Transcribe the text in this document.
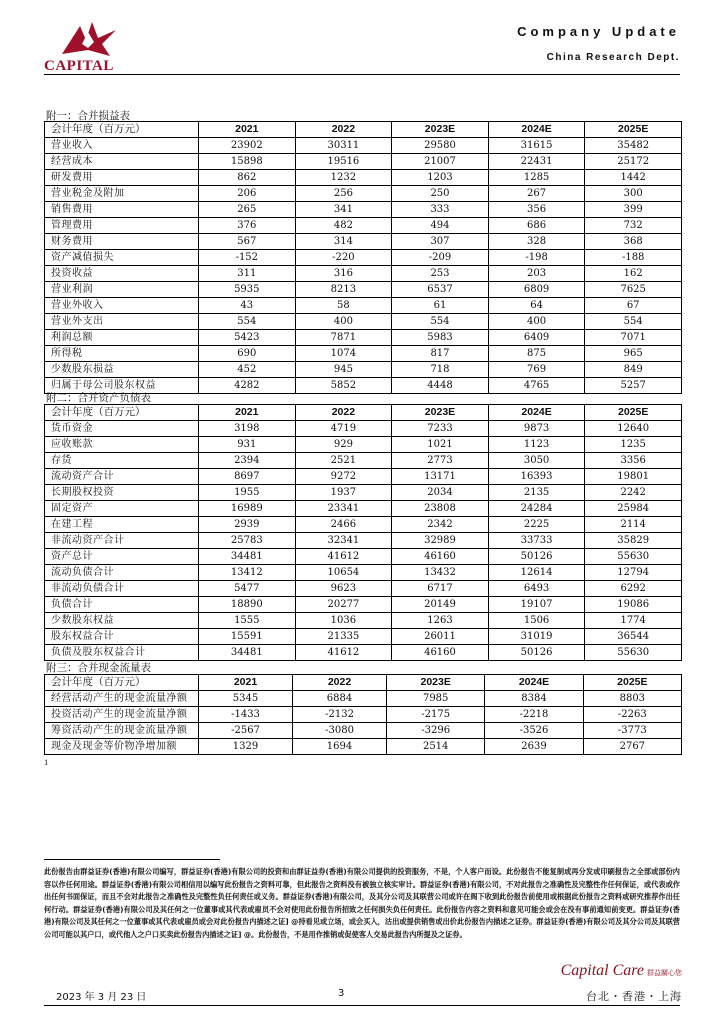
CAPITAL
Company Update
China Research Dept.
附一：合并损益表
会计年度（百万元）	2021	2022	2023E	2024E	2025E
营业收入	23902	30311	29580	31615	35482
经营成本	15898	19516	21007	22431	25172
研发费用	862	1232	1203	1285	1442
营业税金及附加	206	256	250	267	300
销售费用	265	341	333	356	399
管理费用	376	482	494	686	732
财务费用	567	314	307	328	368
资产减值损失	-152	-220	-209	-198	-188
投资收益	311	316	253	203	162
营业利润	5935	8213	6537	6809	7625
营业外收入	43	58	61	64	67
营业外支出	554	400	554	400	554
利润总额	5423	7871	5983	6409	7071
所得税	690	1074	817	875	965
少数股东损益	452	945	718	769	849
归属于母公司股东权益	4282	5852	4448	4765	5257
附二：合并资产负债表
会计年度（百万元）	2021	2022	2023E	2024E	2025E
货币资金	3198	4719	7233	9873	12640
应收账款	931	929	1021	1123	1235
存货	2394	2521	2773	3050	3356
流动资产合计	8697	9272	13171	16393	19801
长期股权投资	1955	1937	2034	2135	2242
固定资产	16989	23341	23808	24284	25984
在建工程	2939	2466	2342	2225	2114
非流动资产合计	25783	32341	32989	33733	35829
资产总计	34481	41612	46160	50126	55630
流动负债合计	13412	10654	13432	12614	12794
非流动负债合计	5477	9623	6717	6493	6292
负债合计	18890	20277	20149	19107	19086
少数股东权益	1555	1036	1263	1506	1774
股东权益合计	15591	21335	26011	31019	36544
负债及股东权益合计	34481	41612	46160	50126	55630
附三：合并现金流量表
会计年度（百万元）	2021	2022	2023E	2024E	2025E
经营活动产生的现金流量净额	5345	6884	7985	8384	8803
投资活动产生的现金流量净额	-1433	-2132	-2175	-2218	-2263
筹资活动产生的现金流量净额	-2567	-3080	-3296	-3526	-3773
现金及现金等价物净增加额	1329	1694	2514	2639	2767
1
此份报告由群益证券(香港)有限公司编写，群益证券(香港)有限公司的投资和由群证益券(香港)有限公司提供的投资服务，不是，个人客户而设。此份报告不能复制或再分发或印刷报告之全部或部份内容以作任何用途。群益证券(香港)有限公司相信用以编写此份报告之资料可靠，但此报告之资料没有被独立核实审计。群益证券(香港)有限公司，不对此报告之准确性及完整性作任何保证，或代表或作出任何书面保证，而且不会对此报告之准确性及完整性负任何责任或义务。群益证券(香港)有限公司，及其分公司及其联营公司或许在阁下收到此份报告前使用或根据此份报告之资料或研究推荐作出任何行动。群益证券(香港)有限公司及其任何之一位董事或其代表或雇员不会对使用此份报告所招致之任何损失负任何责任。此份报告内容之资料和意见可能会或会在没有事前通知前变更。群益证券(香港)有限公司及其任何之一位董事或其代表或雇员或会对此份报告内描述之证] @持看见或立场，或会买入，沽出或提供销售或出价此份报告内描述之证券。群益证券(香港)有限公司及其分公司及其联营公司可能以其户口，或代他人之户口买卖此份报告内描述之证] @。此份报告，不是用作推销或促使客人交易此报告内所提及之证券。
Capital Care 群益關心您
台北・香港・上海
2023 年 3 月 23 日	3
